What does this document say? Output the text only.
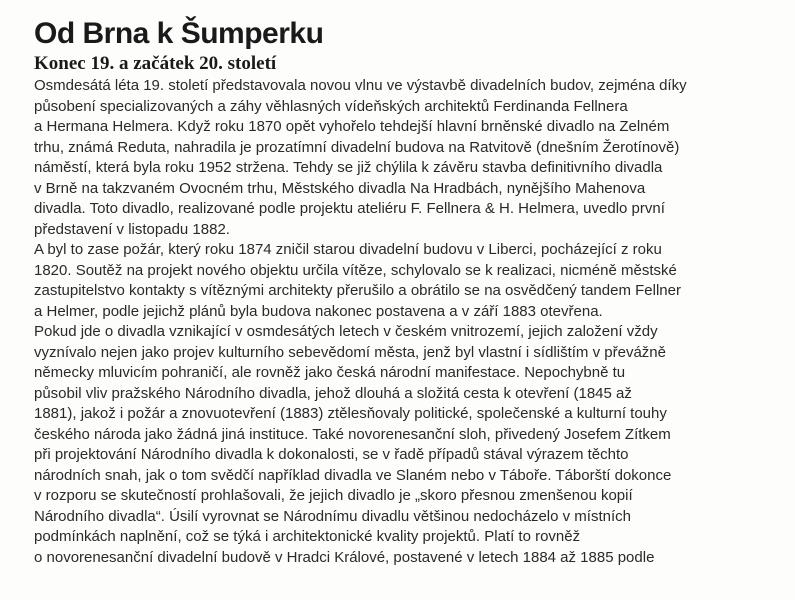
Od Brna k Šumperku
Konec 19. a začátek 20. století
Osmdesátá léta 19. století představovala novou vlnu ve výstavbě divadelních budov, zejména díky
působení specializovaných a záhy věhlasných vídeňských architektů Ferdinanda Fellnera
a Hermana Helmera. Když roku 1870 opět vyhořelo tehdejší hlavní brněnské divadlo na Zelném
trhu, známá Reduta, nahradila je prozatímní divadelní budova na Ratvitově (dnešním Žerotínově)
náměstí, která byla roku 1952 stržena. Tehdy se již chýlila k závěru stavba definitivního divadla
v Brně na takzvaném Ovocném trhu, Městského divadla Na Hradbách, nynějšího Mahenova
divadla. Toto divadlo, realizované podle projektu ateliéru F. Fellnera & H. Helmera, uvedlo první
představení v listopadu 1882.
A byl to zase požár, který roku 1874 zničil starou divadelní budovu v Liberci, pocházející z roku
1820. Soutěž na projekt nového objektu určila vítěze, schylovalo se k realizaci, nicméně městské
zastupitelstvo kontakty s vítěznými architekty přerušilo a obrátilo se na osvědčený tandem Fellner
a Helmer, podle jejichž plánů byla budova nakonec postavena a v září 1883 otevřena.
Pokud jde o divadla vznikající v osmdesátých letech v českém vnitrozemí, jejich založení vždy
vyznívalo nejen jako projev kulturního sebevědomí města, jenž byl vlastní i sídlištím v převážně
německy mluvicím pohraničí, ale rovněž jako česká národní manifestace. Nepochybně tu
působil vliv pražského Národního divadla, jehož dlouhá a složitá cesta k otevření (1845 až
1881), jakož i požár a znovuotevření (1883) ztělesňovaly politické, společenské a kulturní touhy
českého národa jako žádná jiná instituce. Také novorenesanční sloh, přivedený Josefem Zítkem
při projektování Národního divadla k dokonalosti, se v řadě případů stával výrazem těchto
národních snah, jak o tom svědčí například divadla ve Slaném nebo v Táboře. Táborští dokonce
v rozporu se skutečností prohlašovali, že jejich divadlo je „skoro přesnou zmenšenou kopií
Národního divadla“. Úsilí vyrovnat se Národnímu divadlu většinou nedocházelo v místních
podmínkách naplnění, což se týká i architektonické kvality projektů. Platí to rovněž
o novorenesanční divadelní budově v Hradci Králové, postavené v letech 1884 až 1885 podle
